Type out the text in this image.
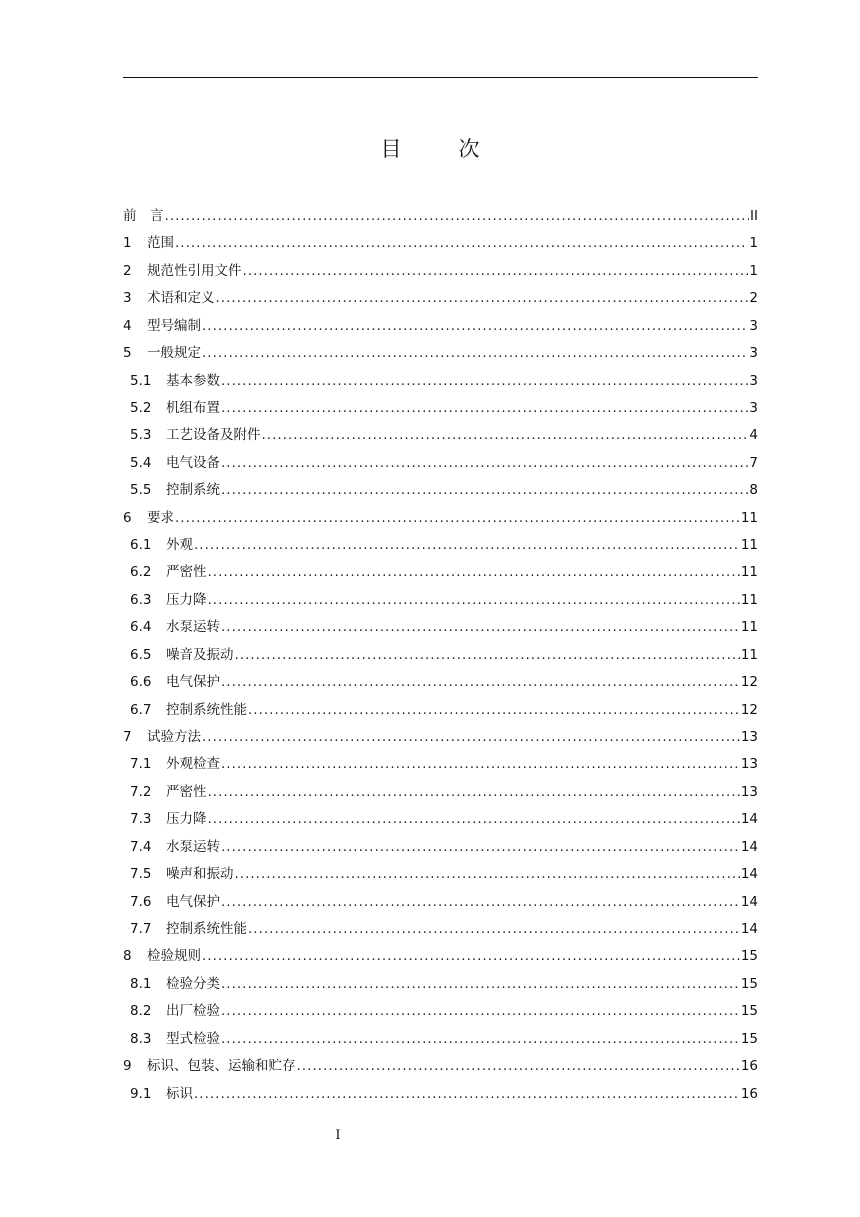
目　次
前　言 .....	II
1	范围 .....	1
2	规范性引用文件 .....	1
3	术语和定义 .....	2
4	型号编制 .....	3
5	一般规定 .....	3
5.1	基本参数 .....	3
5.2	机组布置 .....	3
5.3	工艺设备及附件 .....	4
5.4	电气设备 .....	7
5.5	控制系统 .....	8
6	要求 .....	11
6.1	外观 .....	11
6.2	严密性 .....	11
6.3	压力降 .....	11
6.4	水泵运转 .....	11
6.5	噪音及振动 .....	11
6.6	电气保护 .....	12
6.7	控制系统性能 .....	12
7	试验方法 .....	13
7.1	外观检查 .....	13
7.2	严密性 .....	13
7.3	压力降 .....	14
7.4	水泵运转 .....	14
7.5	噪声和振动 .....	14
7.6	电气保护 .....	14
7.7	控制系统性能 .....	14
8	检验规则 .....	15
8.1	检验分类 .....	15
8.2	出厂检验 .....	15
8.3	型式检验 .....	15
9	标识、包装、运输和贮存 .....	16
9.1	标识 .....	16
I
